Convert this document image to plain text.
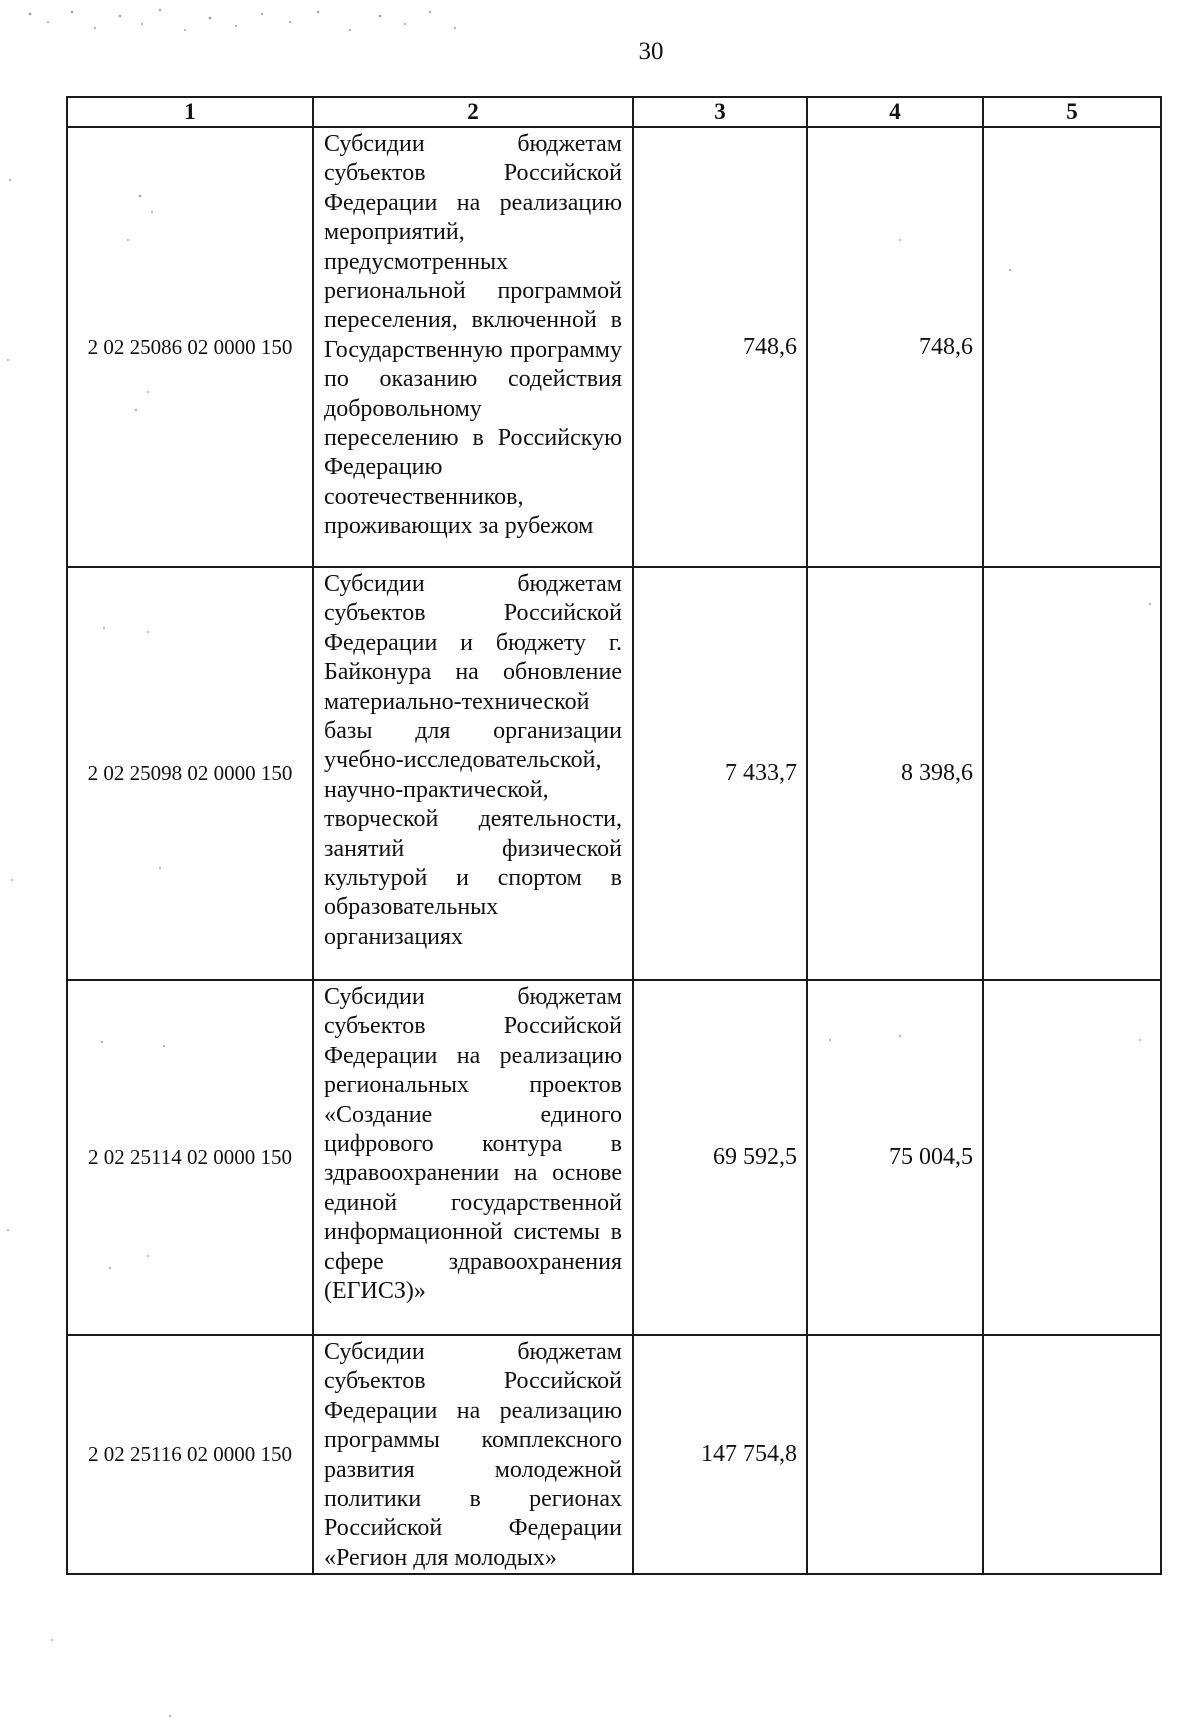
30
1	2	3	4	5
2 02 25086 02 0000 150	Субсидии бюджетам субъектов Российской Федерации на реализацию мероприятий, предусмотренных региональной программой переселения, включенной в Государственную программу по оказанию содействия добровольному переселению в Российскую Федерацию соотечественников, проживающих за рубежом	748,6	748,6	
2 02 25098 02 0000 150	Субсидии бюджетам субъектов Российской Федерации и бюджету г. Байконура на обновление материально-технической базы для организации учебно-исследовательской, научно-практической, творческой деятельности, занятий физической культурой и спортом в образовательных организациях	7 433,7	8 398,6	
2 02 25114 02 0000 150	Субсидии бюджетам субъектов Российской Федерации на реализацию региональных проектов «Создание единого цифрового контура в здравоохранении на основе единой государственной информационной системы в сфере здравоохранения (ЕГИСЗ)»	69 592,5	75 004,5	
2 02 25116 02 0000 150	Субсидии бюджетам субъектов Российской Федерации на реализацию программы комплексного развития молодежной политики в регионах Российской Федерации «Регион для молодых»	147 754,8		
